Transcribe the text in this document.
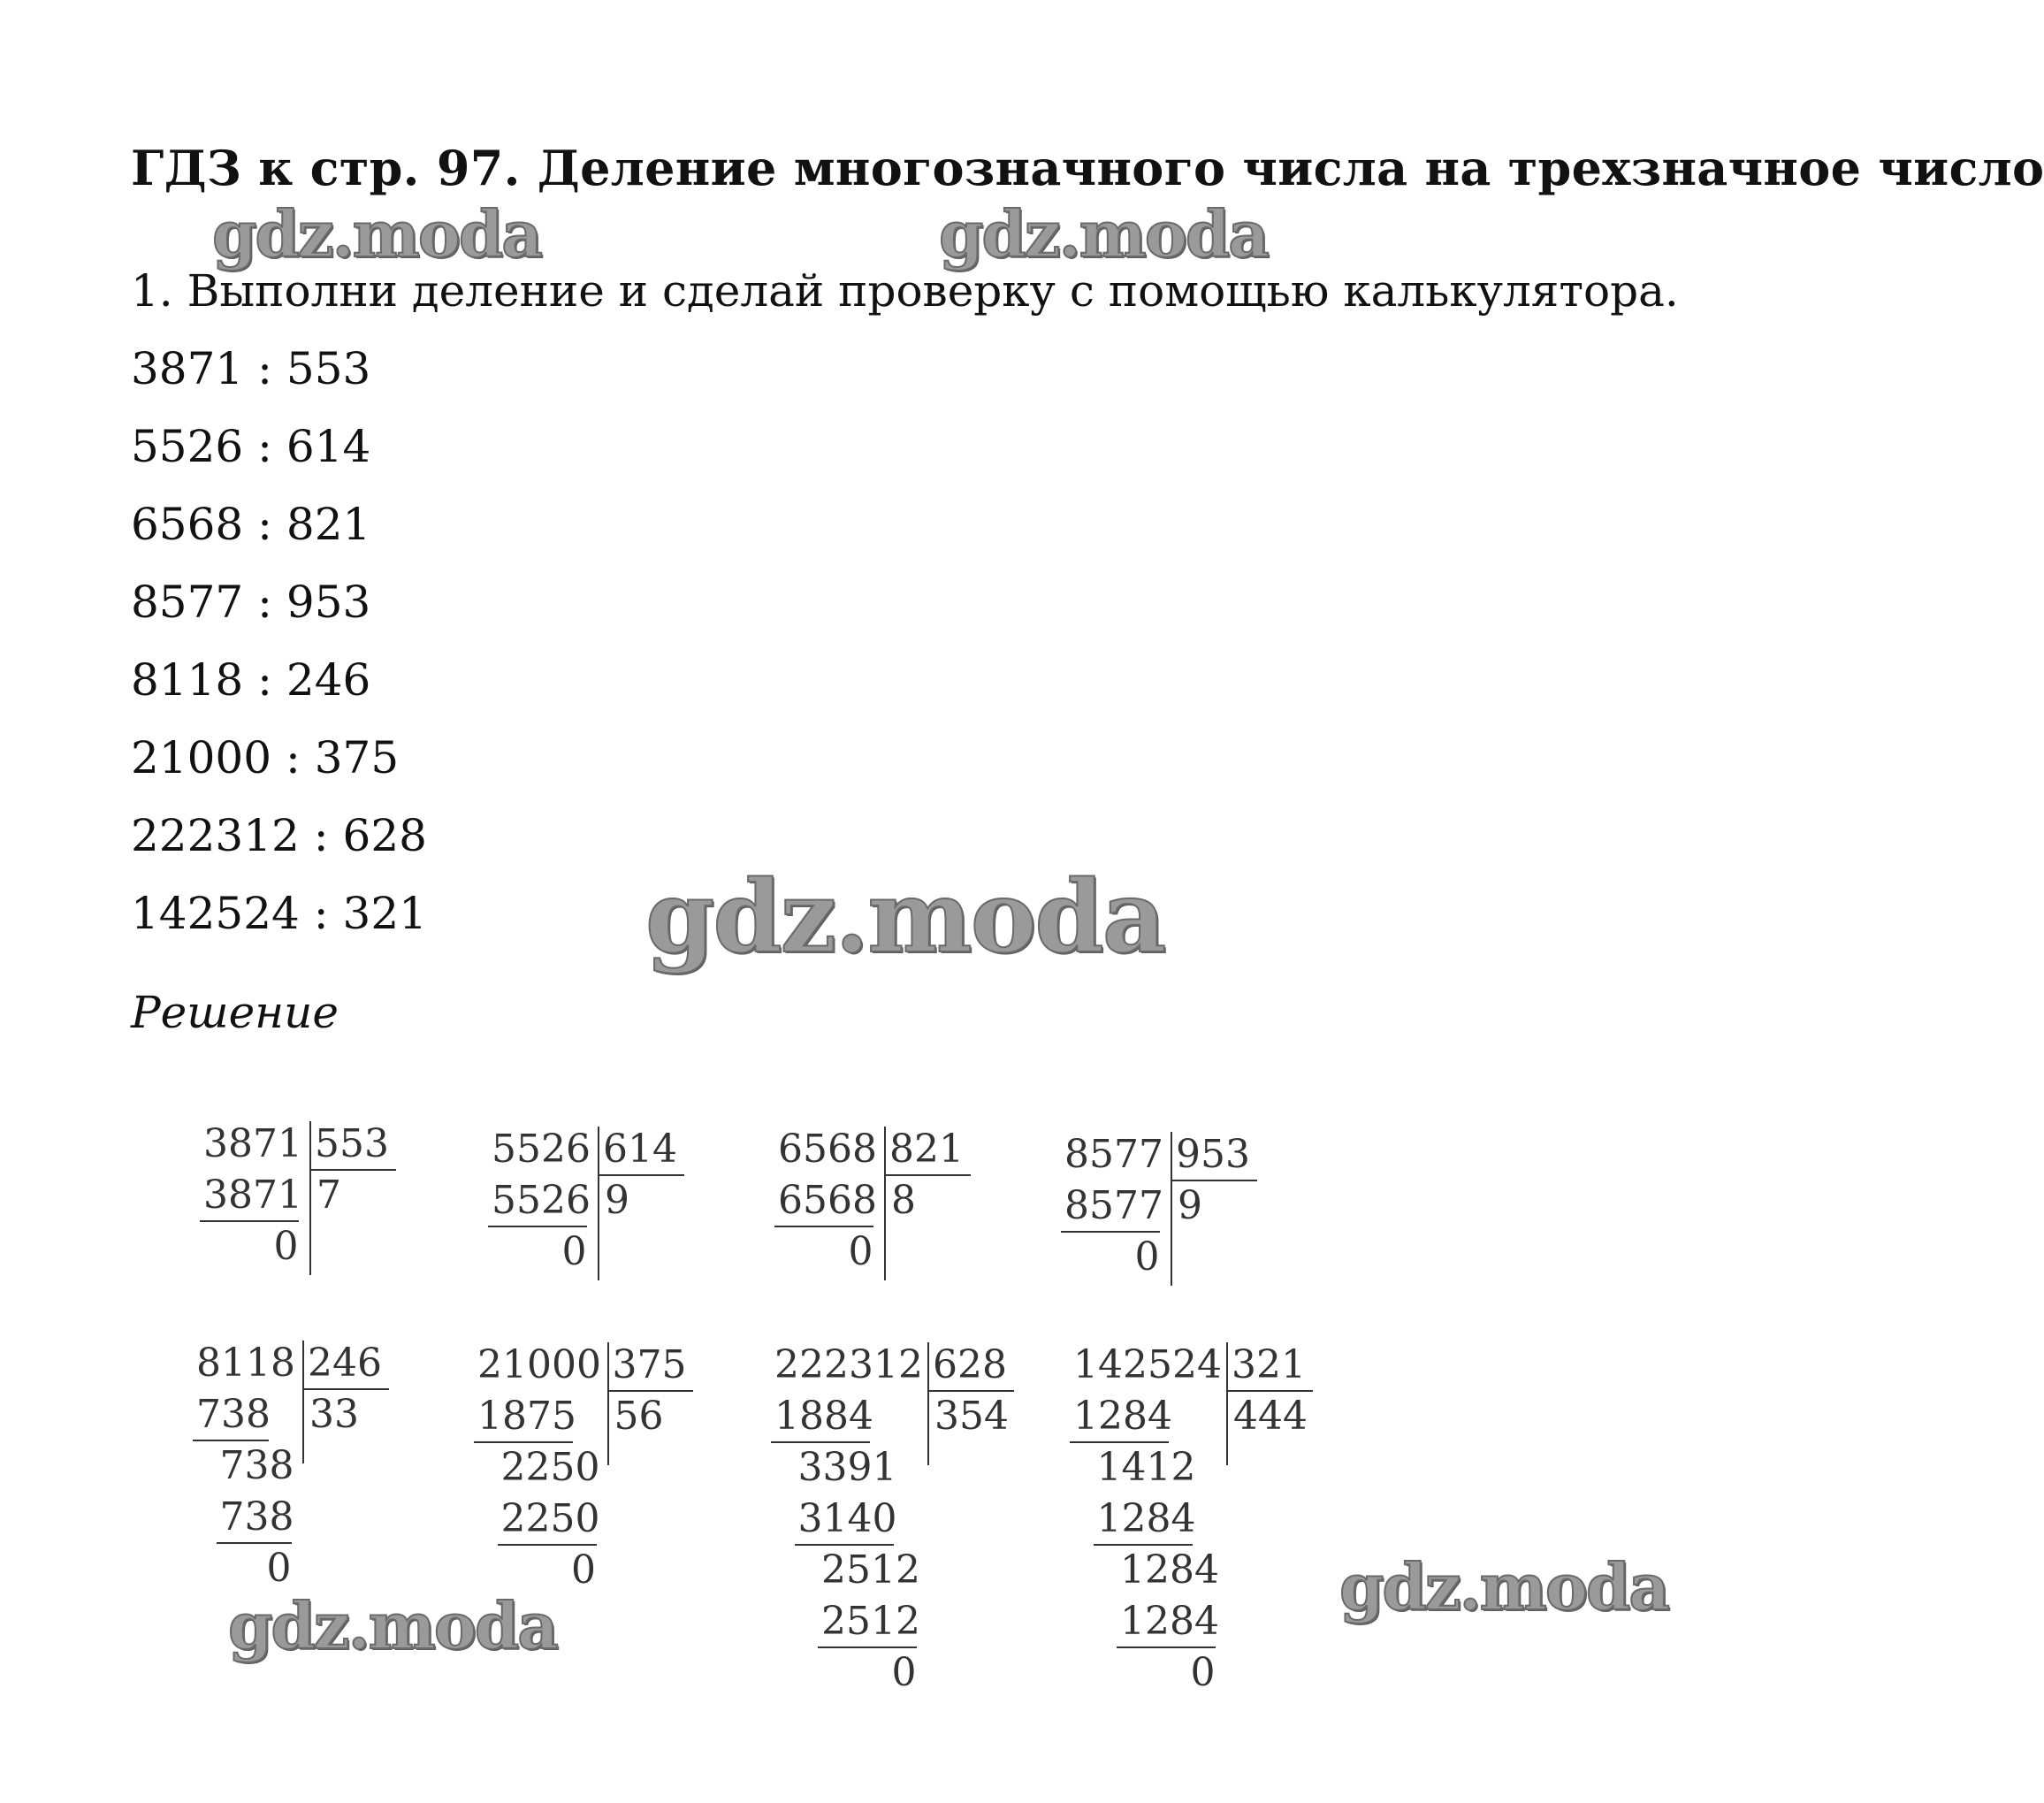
ГДЗ к стр. 97. Деление многозначного числа на трехзначное число
gdz.moda	gdz.moda
1. Выполни деление и сделай проверку с помощью калькулятора.
3871 : 553
5526 : 614
6568 : 821
8577 : 953
8118 : 246
21000 : 375
222312 : 628
142524 : 321 gdz.moda
Решение
3871
3871
0
553
7
5526
5526
0
614
9
6568
6568
0
821
8
8577
8577
0
953
9
8118
738
738
738
0
246
33
21000
1875
2250
2250
0
375
56
222312
1884
3391
3140
2512
2512
0
628
354
142524
1284
1412
1284
1284
1284
0
321
444
gdz.moda
gdz.moda
